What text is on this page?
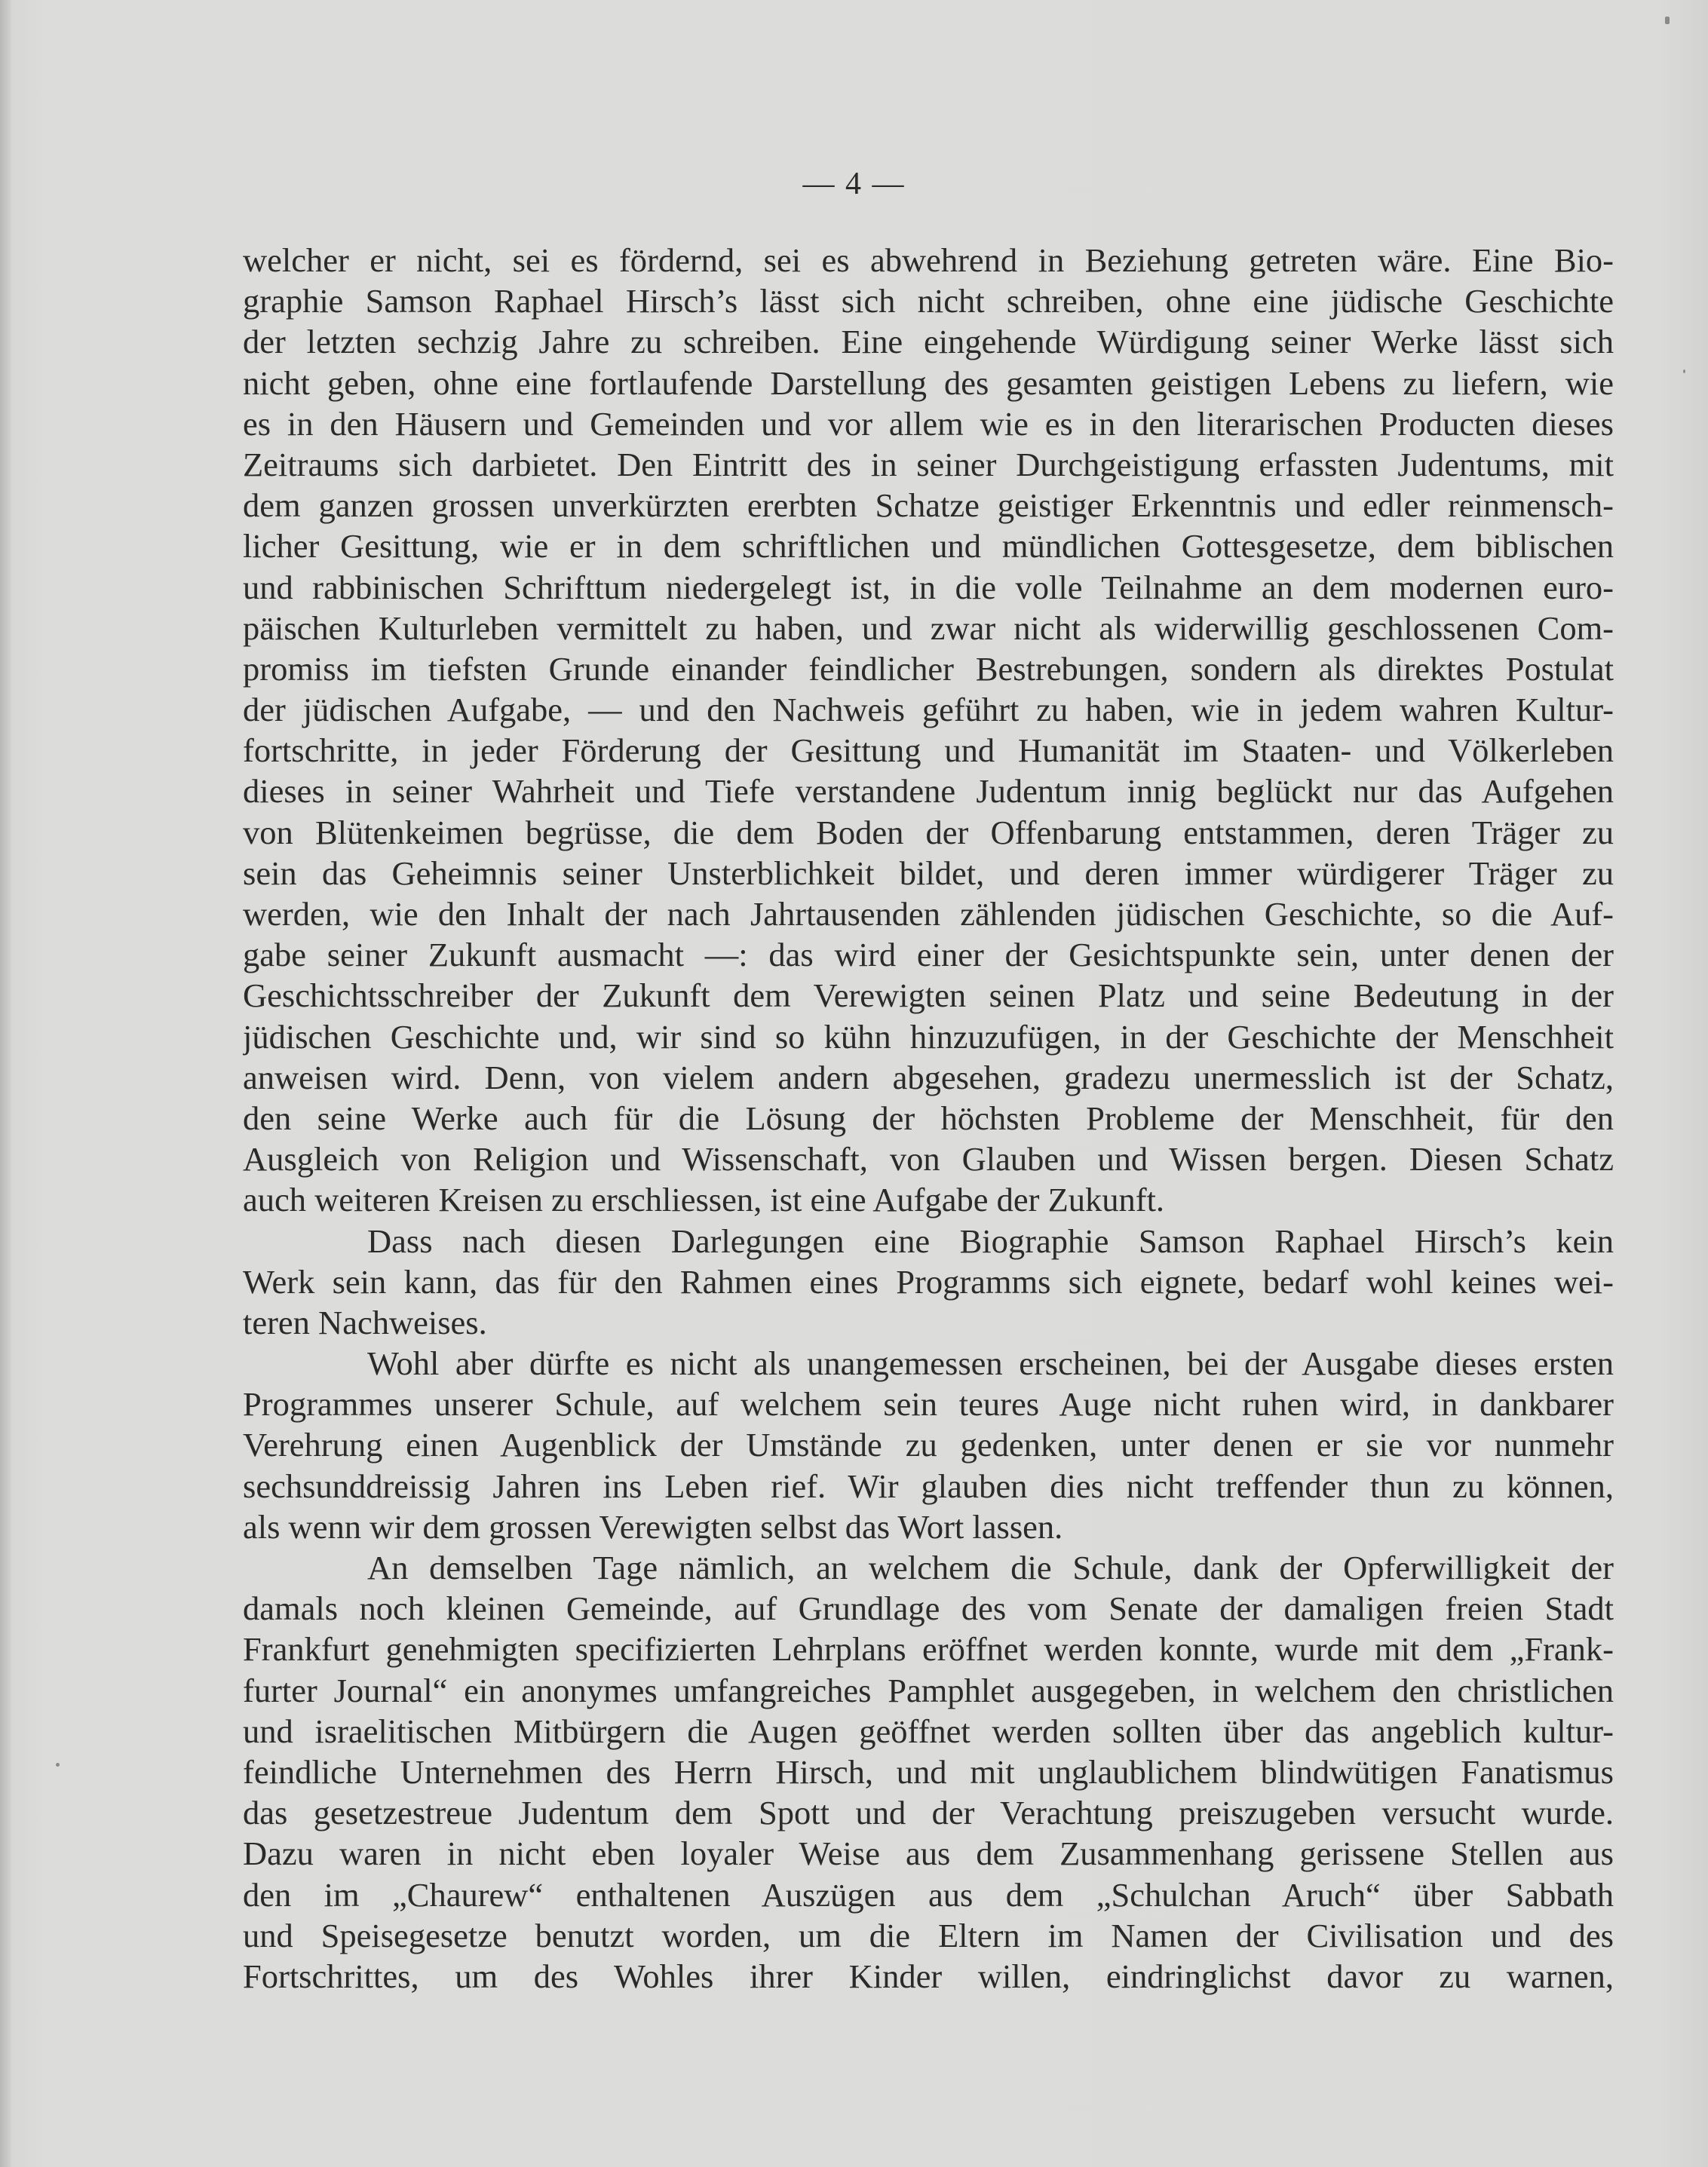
— 4 —
welcher er nicht, sei es fördernd, sei es abwehrend in Beziehung getreten wäre. Eine Bio-
graphie Samson Raphael Hirsch’s lässt sich nicht schreiben, ohne eine jüdische Geschichte
der letzten sechzig Jahre zu schreiben. Eine eingehende Würdigung seiner Werke lässt sich
nicht geben, ohne eine fortlaufende Darstellung des gesamten geistigen Lebens zu liefern, wie
es in den Häusern und Gemeinden und vor allem wie es in den literarischen Producten dieses
Zeitraums sich darbietet. Den Eintritt des in seiner Durchgeistigung erfassten Judentums, mit
dem ganzen grossen unverkürzten ererbten Schatze geistiger Erkenntnis und edler reinmensch-
licher Gesittung, wie er in dem schriftlichen und mündlichen Gottesgesetze, dem biblischen
und rabbinischen Schrifttum niedergelegt ist, in die volle Teilnahme an dem modernen euro-
päischen Kulturleben vermittelt zu haben, und zwar nicht als widerwillig geschlossenen Com-
promiss im tiefsten Grunde einander feindlicher Bestrebungen, sondern als direktes Postulat
der jüdischen Aufgabe, — und den Nachweis geführt zu haben, wie in jedem wahren Kultur-
fortschritte, in jeder Förderung der Gesittung und Humanität im Staaten- und Völkerleben
dieses in seiner Wahrheit und Tiefe verstandene Judentum innig beglückt nur das Aufgehen
von Blütenkeimen begrüsse, die dem Boden der Offenbarung entstammen, deren Träger zu
sein das Geheimnis seiner Unsterblichkeit bildet, und deren immer würdigerer Träger zu
werden, wie den Inhalt der nach Jahrtausenden zählenden jüdischen Geschichte, so die Auf-
gabe seiner Zukunft ausmacht —: das wird einer der Gesichtspunkte sein, unter denen der
Geschichtsschreiber der Zukunft dem Verewigten seinen Platz und seine Bedeutung in der
jüdischen Geschichte und, wir sind so kühn hinzuzufügen, in der Geschichte der Menschheit
anweisen wird. Denn, von vielem andern abgesehen, gradezu unermesslich ist der Schatz,
den seine Werke auch für die Lösung der höchsten Probleme der Menschheit, für den
Ausgleich von Religion und Wissenschaft, von Glauben und Wissen bergen. Diesen Schatz
auch weiteren Kreisen zu erschliessen, ist eine Aufgabe der Zukunft.
Dass nach diesen Darlegungen eine Biographie Samson Raphael Hirsch’s kein
Werk sein kann, das für den Rahmen eines Programms sich eignete, bedarf wohl keines wei-
teren Nachweises.
Wohl aber dürfte es nicht als unangemessen erscheinen, bei der Ausgabe dieses ersten
Programmes unserer Schule, auf welchem sein teures Auge nicht ruhen wird, in dankbarer
Verehrung einen Augenblick der Umstände zu gedenken, unter denen er sie vor nunmehr
sechsunddreissig Jahren ins Leben rief. Wir glauben dies nicht treffender thun zu können,
als wenn wir dem grossen Verewigten selbst das Wort lassen.
An demselben Tage nämlich, an welchem die Schule, dank der Opferwilligkeit der
damals noch kleinen Gemeinde, auf Grundlage des vom Senate der damaligen freien Stadt
Frankfurt genehmigten specifizierten Lehrplans eröffnet werden konnte, wurde mit dem „Frank-
furter Journal“ ein anonymes umfangreiches Pamphlet ausgegeben, in welchem den christlichen
und israelitischen Mitbürgern die Augen geöffnet werden sollten über das angeblich kultur-
feindliche Unternehmen des Herrn Hirsch, und mit unglaublichem blindwütigen Fanatismus
das gesetzestreue Judentum dem Spott und der Verachtung preiszugeben versucht wurde.
Dazu waren in nicht eben loyaler Weise aus dem Zusammenhang gerissene Stellen aus
den im „Chaurew“ enthaltenen Auszügen aus dem „Schulchan Aruch“ über Sabbath
und Speisegesetze benutzt worden, um die Eltern im Namen der Civilisation und des
Fortschrittes, um des Wohles ihrer Kinder willen, eindringlichst davor zu warnen,
